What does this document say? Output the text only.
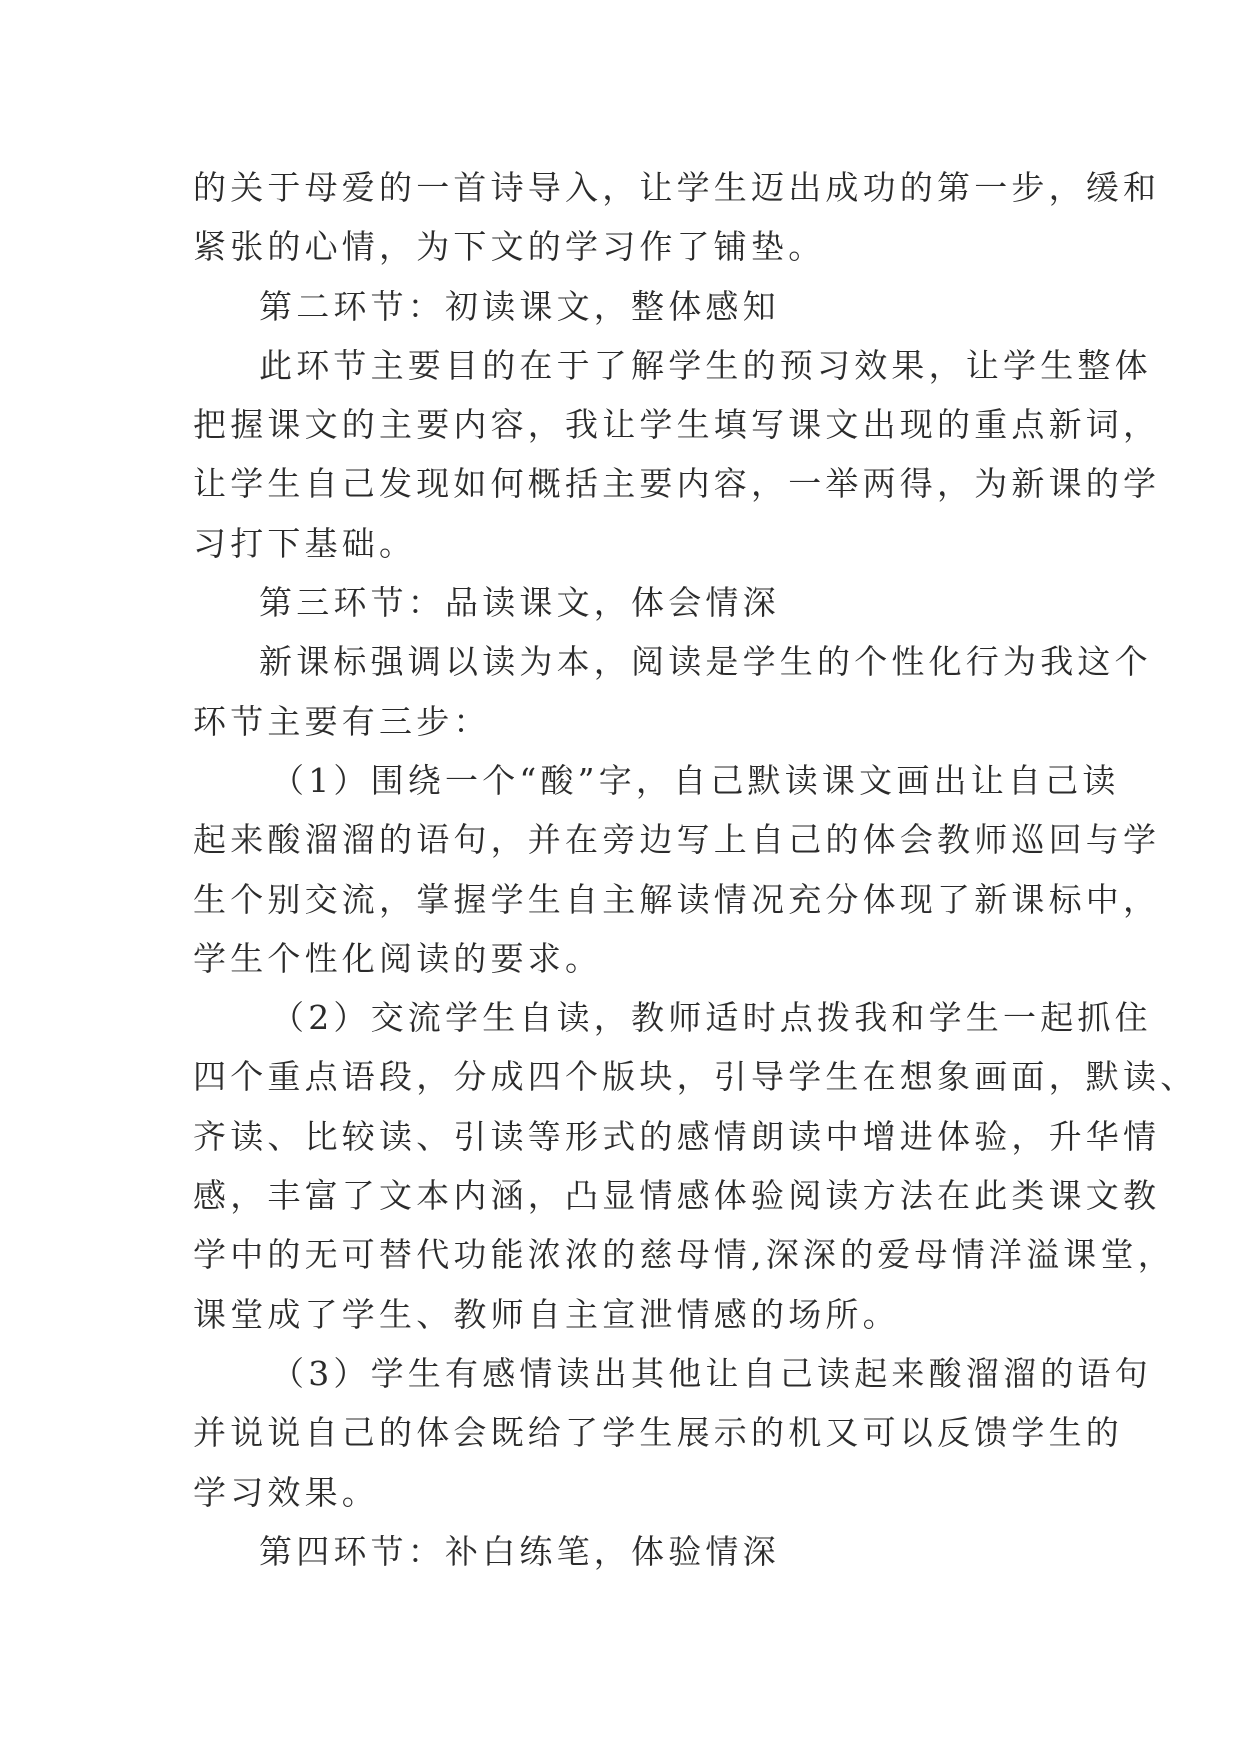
的关于母爱的一首诗导入，让学生迈出成功的第一步，缓和
紧张的心情，为下文的学习作了铺垫。
第二环节：初读课文，整体感知
此环节主要目的在于了解学生的预习效果，让学生整体
把握课文的主要内容，我让学生填写课文出现的重点新词，
让学生自己发现如何概括主要内容，一举两得，为新课的学
习打下基础。
第三环节：品读课文，体会情深
新课标强调以读为本，阅读是学生的个性化行为我这个
环节主要有三步：
（1）围绕一个“酸”字，自己默读课文画出让自己读
起来酸溜溜的语句，并在旁边写上自己的体会教师巡回与学
生个别交流，掌握学生自主解读情况充分体现了新课标中，
学生个性化阅读的要求。
（2）交流学生自读，教师适时点拨我和学生一起抓住
四个重点语段，分成四个版块，引导学生在想象画面，默读、
齐读、比较读、引读等形式的感情朗读中增进体验，升华情
感，丰富了文本内涵，凸显情感体验阅读方法在此类课文教
学中的无可替代功能浓浓的慈母情,深深的爱母情洋溢课堂，
课堂成了学生、教师自主宣泄情感的场所。
（3）学生有感情读出其他让自己读起来酸溜溜的语句
并说说自己的体会既给了学生展示的机又可以反馈学生的
学习效果。
第四环节：补白练笔，体验情深
